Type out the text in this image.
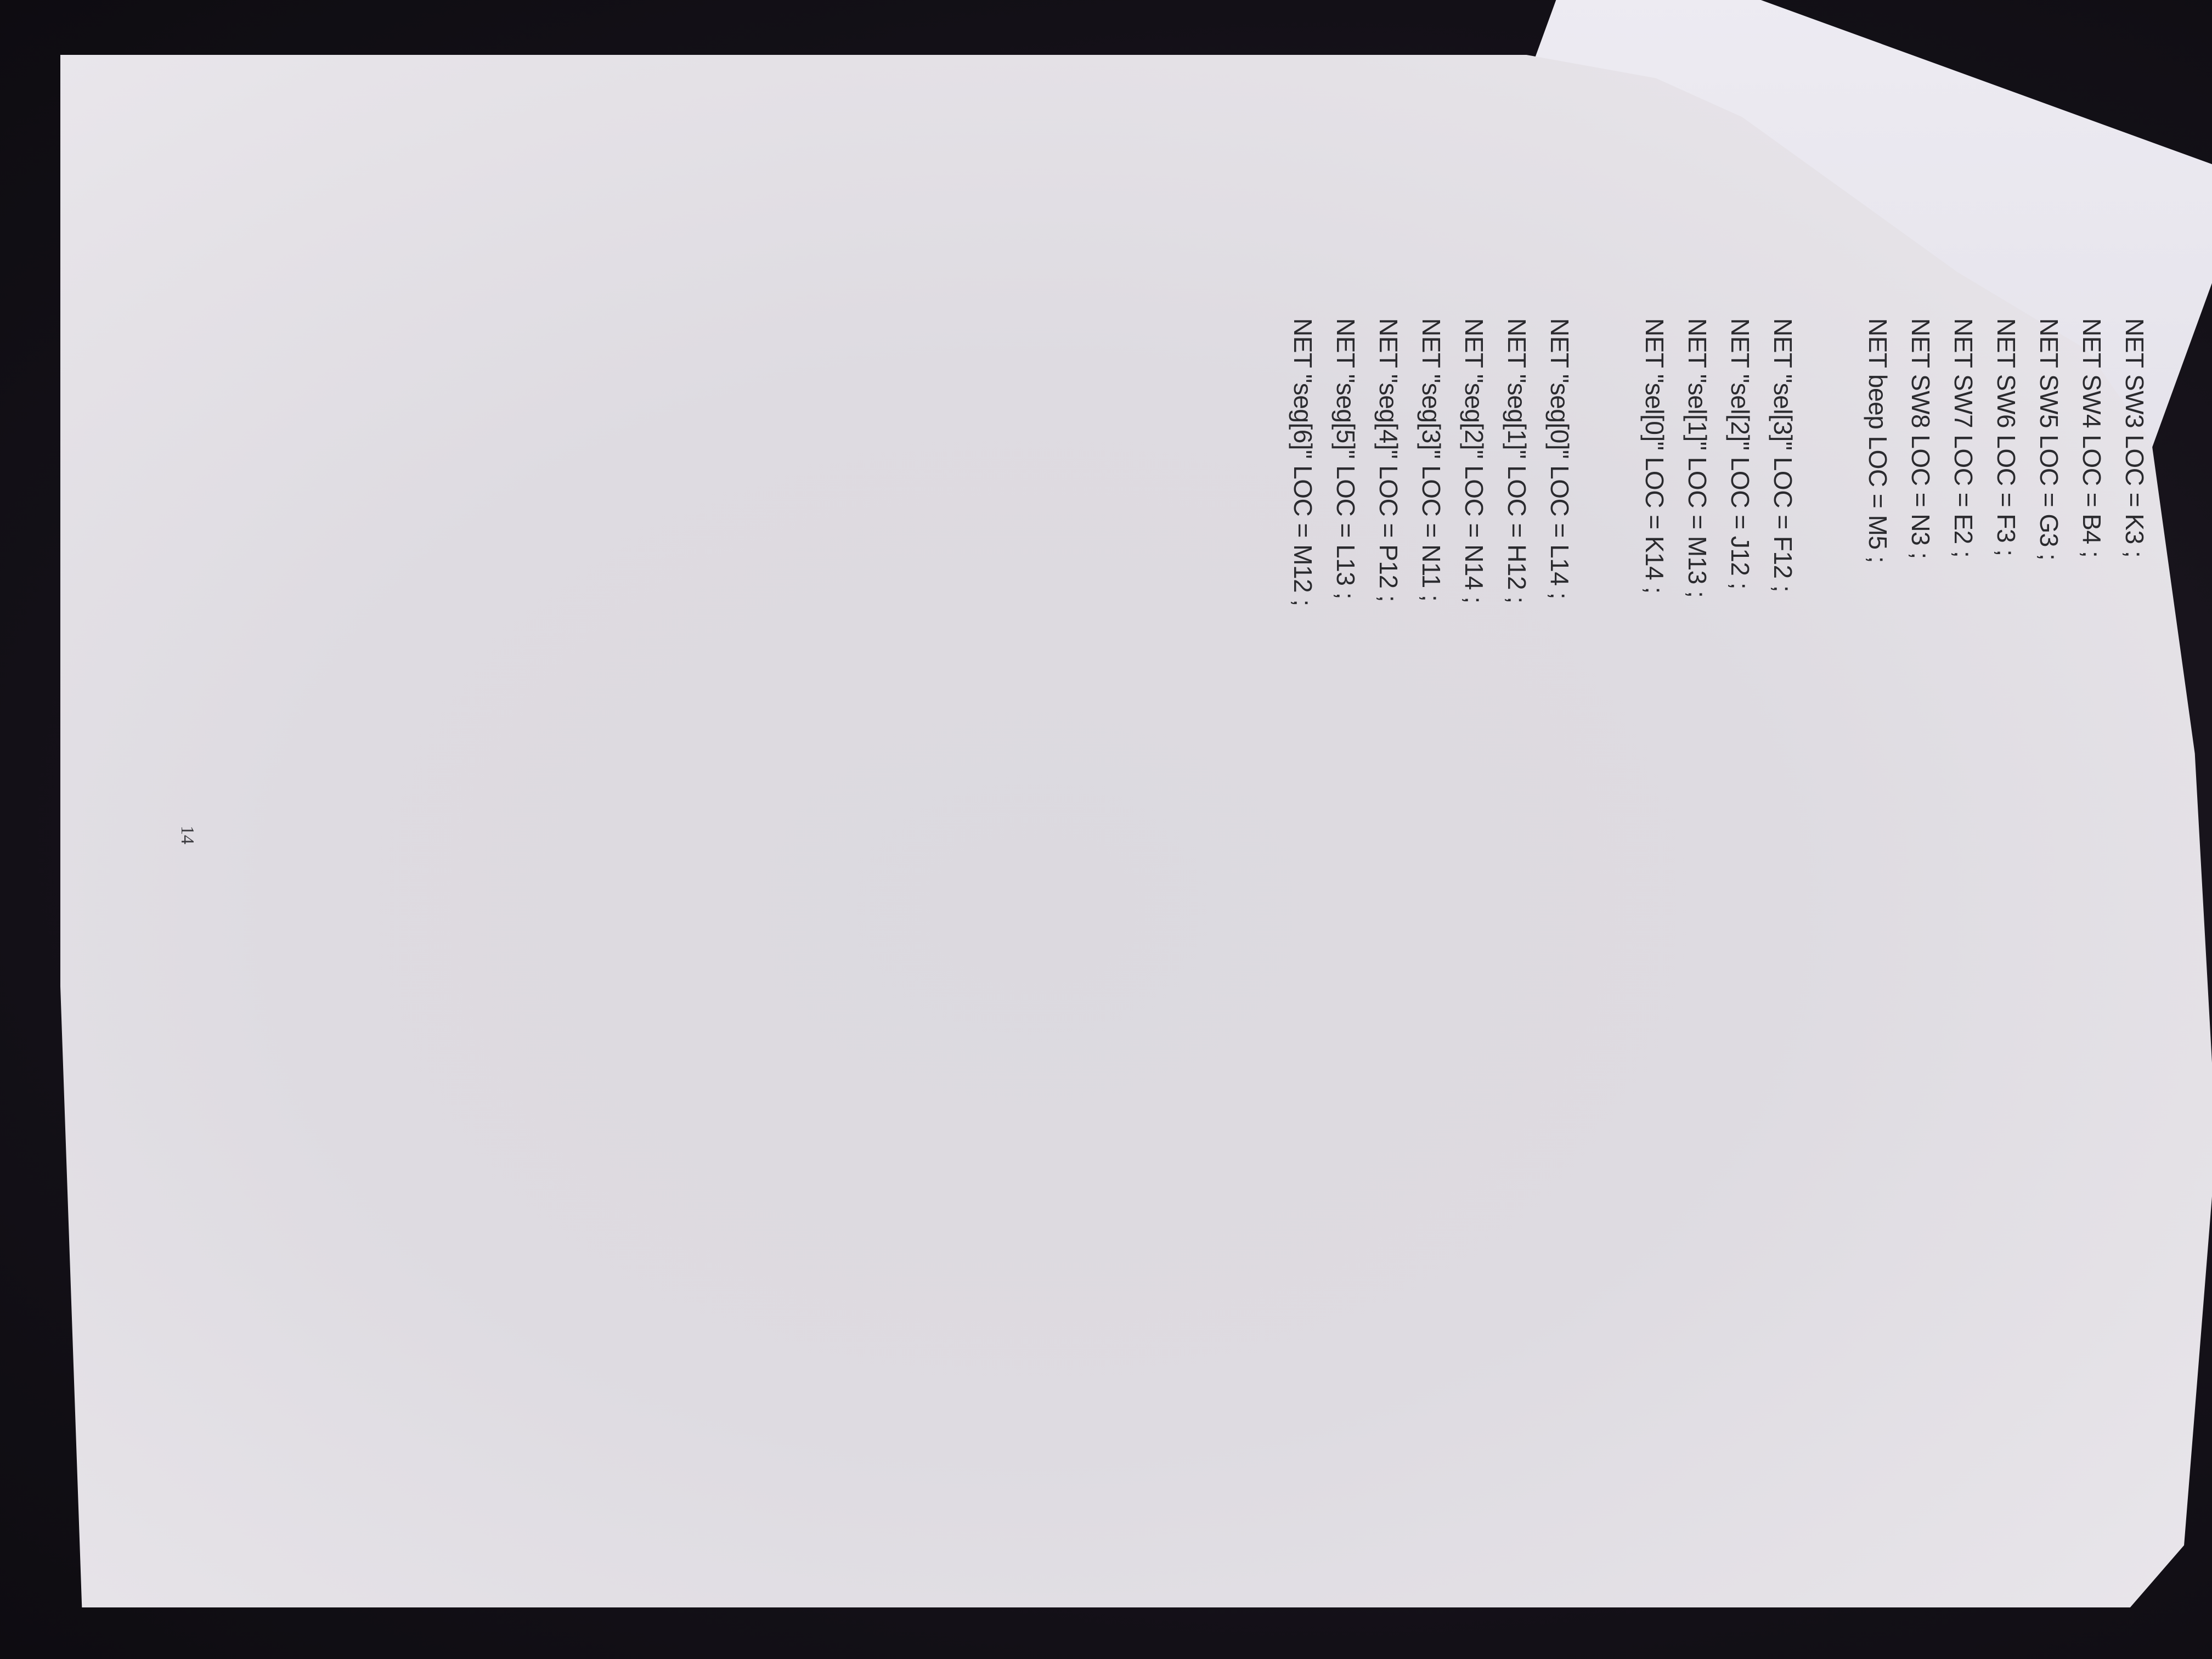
NET SW3 LOC = K3 ;
NET SW4 LOC = B4 ;
NET SW5 LOC = G3 ;
NET SW6 LOC = F3 ;
NET SW7 LOC = E2 ;
NET SW8 LOC = N3 ;
NET beep LOC = M5 ;
NET "sel[3]" LOC = F12 ;
NET "sel[2]" LOC = J12 ;
NET "sel[1]" LOC = M13 ;
NET "sel[0]" LOC = K14 ;
NET "seg[0]" LOC = L14 ;
NET "seg[1]" LOC = H12 ;
NET "seg[2]" LOC = N14 ;
NET "seg[3]" LOC = N11 ;
NET "seg[4]" LOC = P12 ;
NET "seg[5]" LOC = L13 ;
NET "seg[6]" LOC = M12 ;
14
